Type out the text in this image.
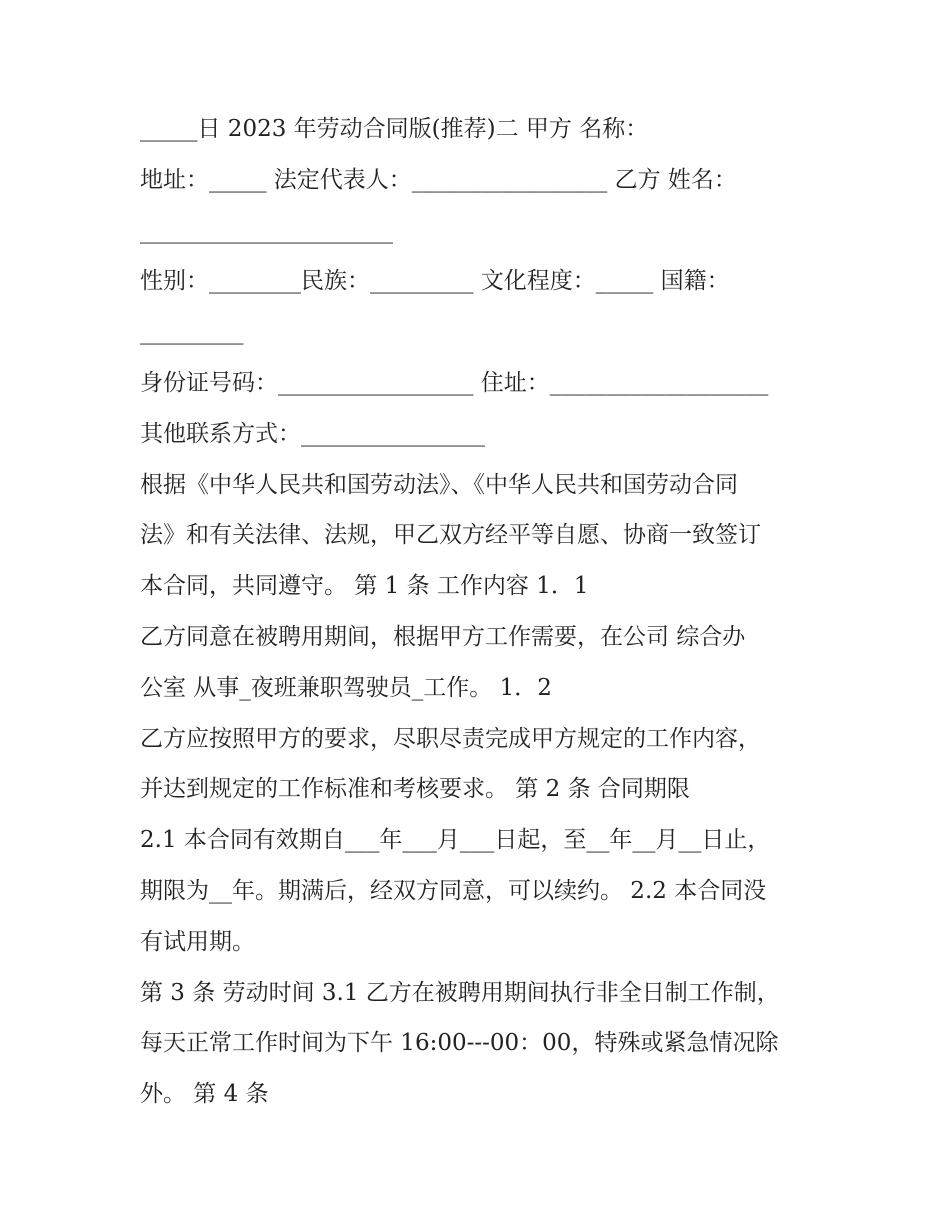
_____日 2023 年劳动合同版(推荐)二 甲方 名称：
地址：_____ 法定代表人：_________________ 乙方 姓名：
______________________
性别：________民族：_________ 文化程度：_____ 国籍：
_________
身份证号码：_________________ 住址：___________________
其他联系方式：________________
根据《中华人民共和国劳动法》、《中华人民共和国劳动合同
法》和有关法律、法规，甲乙双方经平等自愿、协商一致签订
本合同，共同遵守。 第 1 条 工作内容 1．1
乙方同意在被聘用期间，根据甲方工作需要，在公司 综合办
公室 从事_夜班兼职驾驶员_工作。 1．2
乙方应按照甲方的要求，尽职尽责完成甲方规定的工作内容，
并达到规定的工作标准和考核要求。 第 2 条 合同期限
2.1 本合同有效期自___年___月___日起，至__年__月__日止，
期限为__年。期满后，经双方同意，可以续约。 2.2 本合同没
有试用期。
第 3 条 劳动时间 3.1 乙方在被聘用期间执行非全日制工作制，
每天正常工作时间为下午 16:00---00：00，特殊或紧急情况除
外。 第 4 条
